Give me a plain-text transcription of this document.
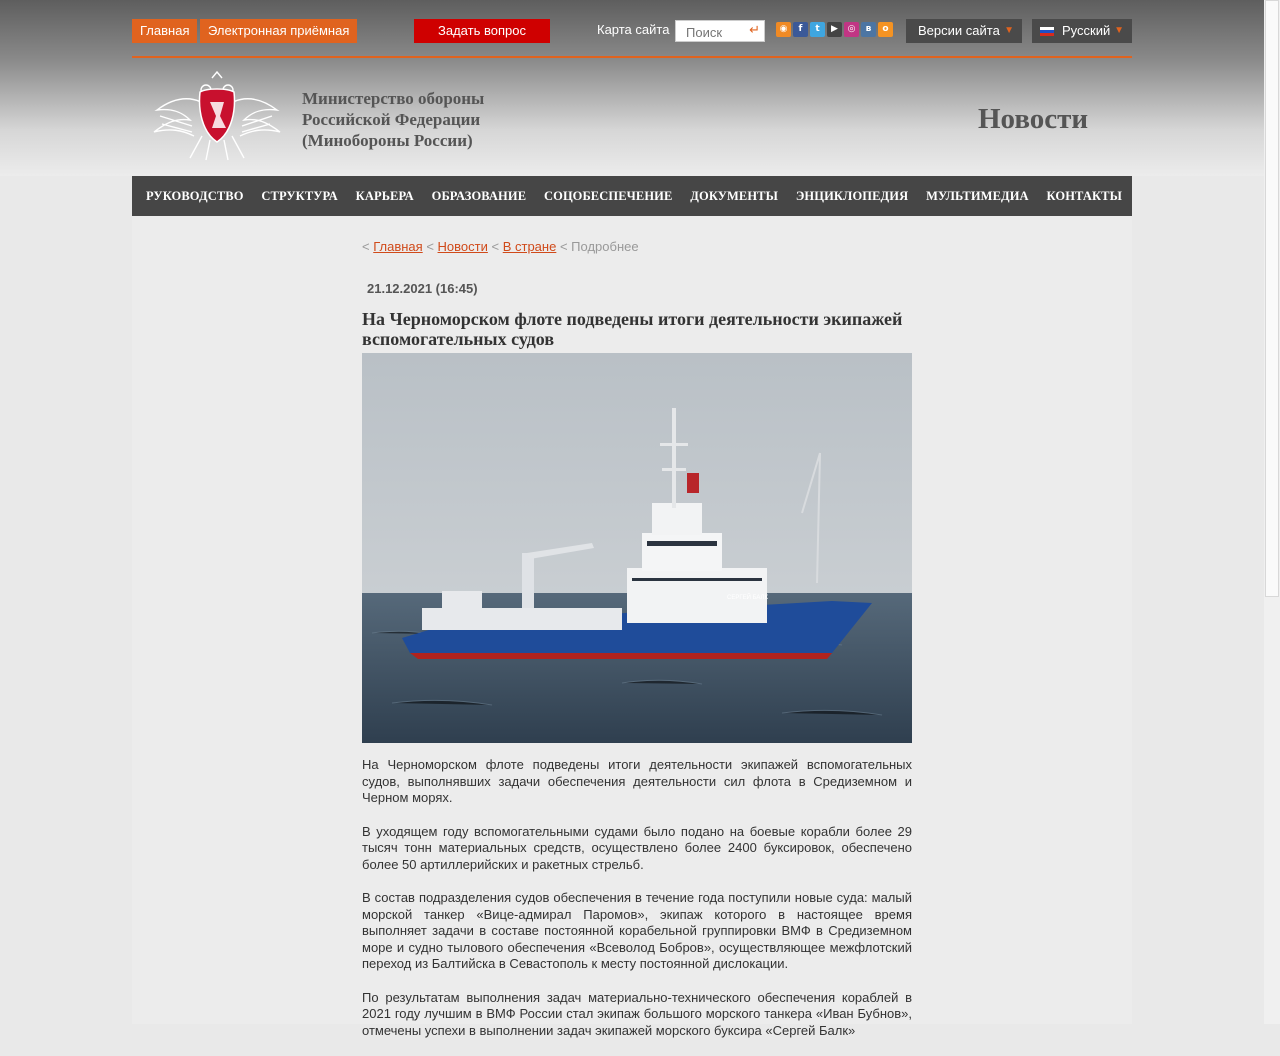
Главная	Электронная приёмная	Задать вопрос	Карта сайта
Поиск	↵	◉	f	t	▶	◎	в	о	Версии сайта ▼	Русский ▼
Министерство обороны
Российской Федерации
(Минобороны России)
Новости
РУКОВОДСТВО СТРУКТУРА КАРЬЕРА ОБРАЗОВАНИЕ СОЦОБЕСПЕЧЕНИЕ ДОКУМЕНТЫ ЭНЦИКЛОПЕДИЯ МУЛЬТИМЕДИА КОНТАКТЫ
< Главная < Новости < В стране < Подробнее
21.12.2021 (16:45)
На Черноморском флоте подведены итоги деятельности экипажей вспомогательных судов
СЕРГЕЙ БАЛК

На Черноморском флоте подведены итоги деятельности экипажей вспомогательных судов, выполнявших задачи обеспечения деятельности сил флота в Средиземном и Черном морях.

В уходящем году вспомогательными судами было подано на боевые корабли более 29 тысяч тонн материальных средств, осуществлено более 2400 буксировок, обеспечено более 50 артиллерийских и ракетных стрельб.

В состав подразделения судов обеспечения в течение года поступили новые суда: малый морской танкер «Вице-адмирал Паромов», экипаж которого в настоящее время выполняет задачи в составе постоянной корабельной группировки ВМФ в Средиземном море и судно тылового обеспечения «Всеволод Бобров», осуществляющее межфлотский переход из Балтийска в Севастополь к месту постоянной дислокации.

По результатам выполнения задач материально-технического обеспечения кораблей в 2021 году лучшим в ВМФ России стал экипаж большого морского танкера «Иван Бубнов», отмечены успехи в выполнении задач экипажей морского буксира «Сергей Балк»
